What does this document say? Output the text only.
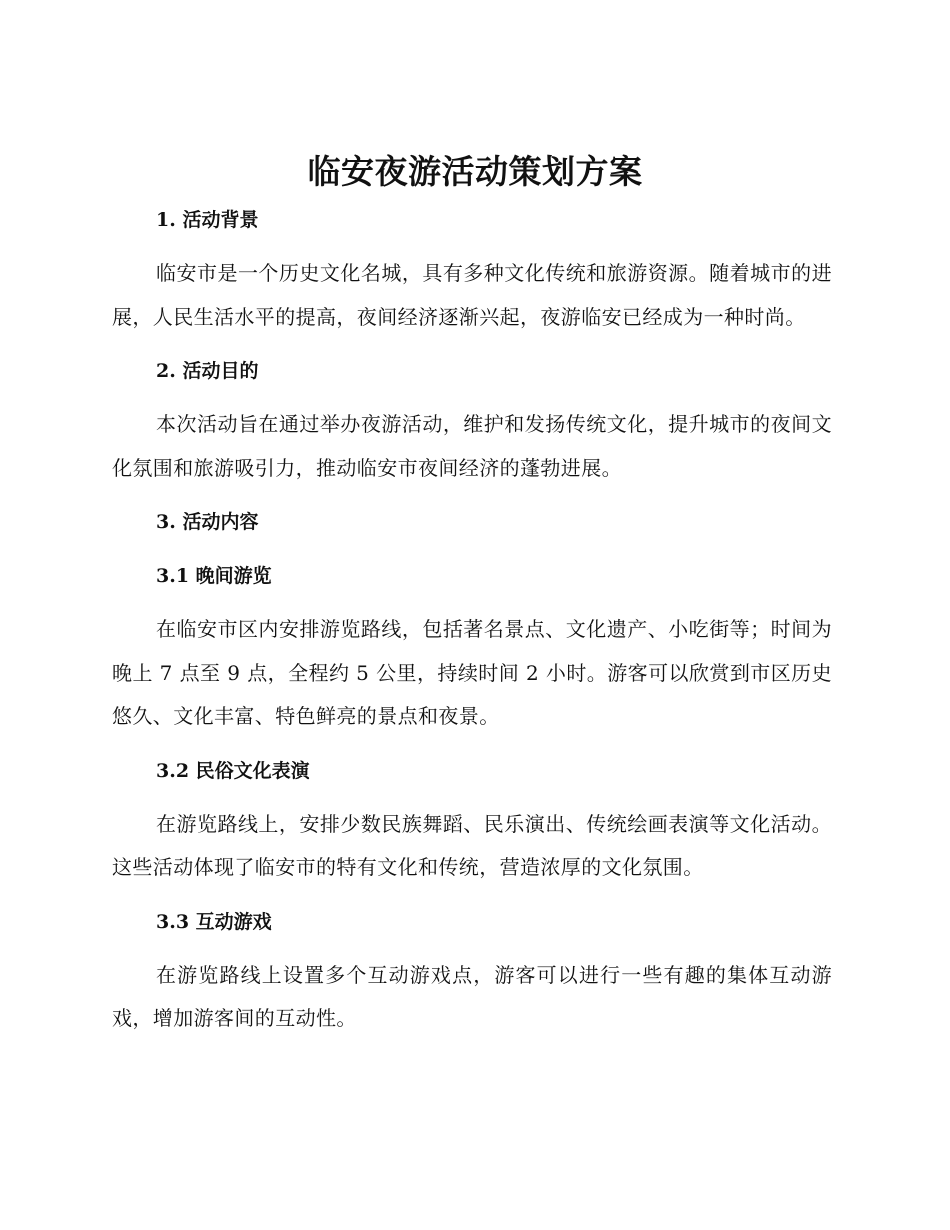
临安夜游活动策划方案

1. 活动背景

临安市是一个历史文化名城，具有多种文化传统和旅游资源。随着城市的进展，人民生活水平的提高，夜间经济逐渐兴起，夜游临安已经成为一种时尚。

2. 活动目的

本次活动旨在通过举办夜游活动，维护和发扬传统文化，提升城市的夜间文化氛围和旅游吸引力，推动临安市夜间经济的蓬勃进展。

3. 活动内容

3.1 晚间游览

在临安市区内安排游览路线，包括著名景点、文化遗产、小吃街等；时间为晚上 7 点至 9 点，全程约 5 公里，持续时间 2 小时。游客可以欣赏到市区历史悠久、文化丰富、特色鲜亮的景点和夜景。

3.2 民俗文化表演

在游览路线上，安排少数民族舞蹈、民乐演出、传统绘画表演等文化活动。这些活动体现了临安市的特有文化和传统，营造浓厚的文化氛围。

3.3 互动游戏

在游览路线上设置多个互动游戏点，游客可以进行一些有趣的集体互动游戏，增加游客间的互动性。
